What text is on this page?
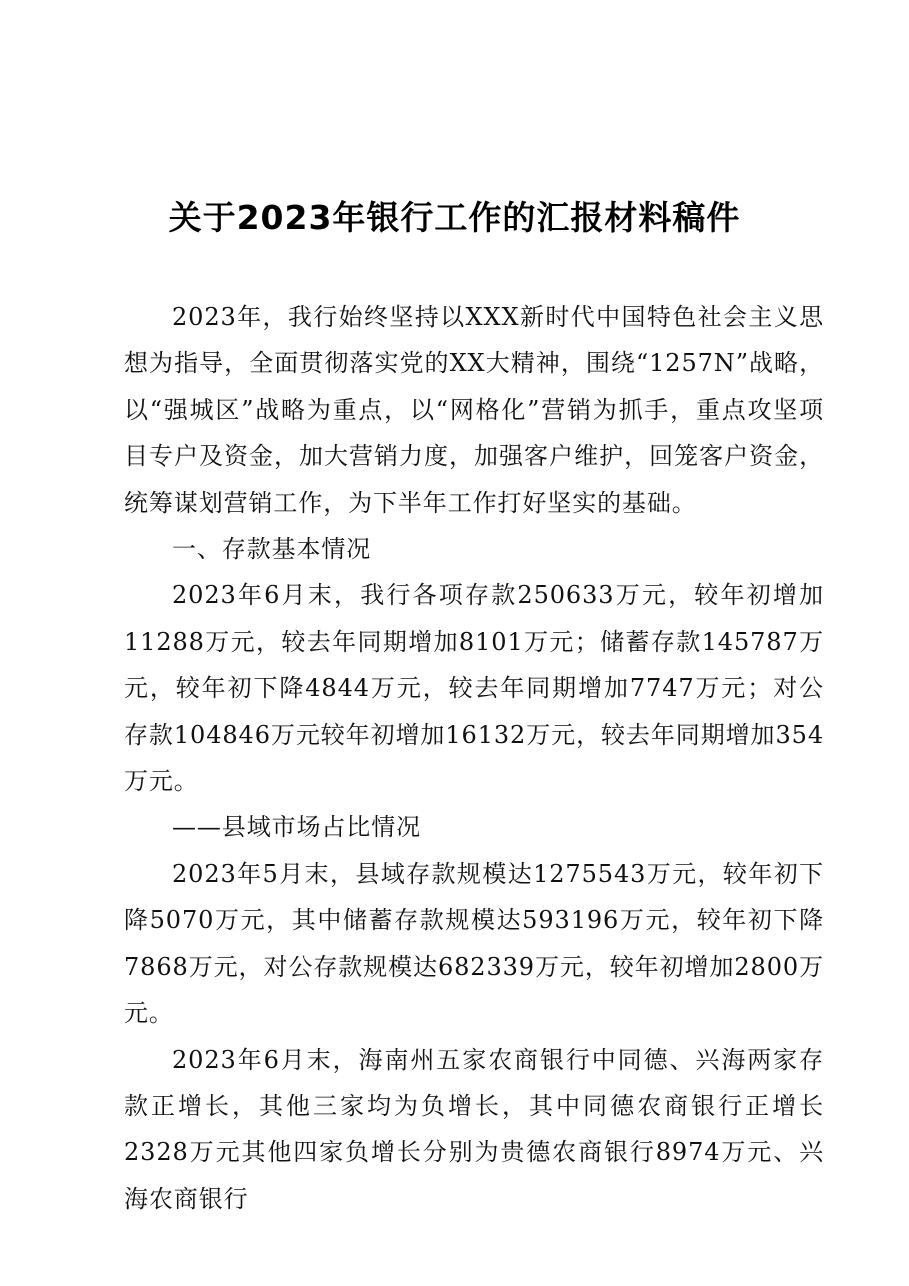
关于2023年银行工作的汇报材料稿件

2023年，我行始终坚持以XXX新时代中国特色社会主义思想为指导，全面贯彻落实党的XX大精神，围绕“1257N”战略，以“强城区”战略为重点，以“网格化”营销为抓手，重点攻坚项目专户及资金，加大营销力度，加强客户维护，回笼客户资金，统筹谋划营销工作，为下半年工作打好坚实的基础。

一、存款基本情况

2023年6月末，我行各项存款250633万元，较年初增加11288万元，较去年同期增加8101万元；储蓄存款145787万元，较年初下降4844万元，较去年同期增加7747万元；对公存款104846万元较年初增加16132万元，较去年同期增加354万元。

——县域市场占比情况

2023年5月末，县域存款规模达1275543万元，较年初下降5070万元，其中储蓄存款规模达593196万元，较年初下降7868万元，对公存款规模达682339万元，较年初增加2800万元。

2023年6月末，海南州五家农商银行中同德、兴海两家存款正增长，其他三家均为负增长，其中同德农商银行正增长2328万元其他四家负增长分别为贵德农商银行8974万元、兴海农商银行
